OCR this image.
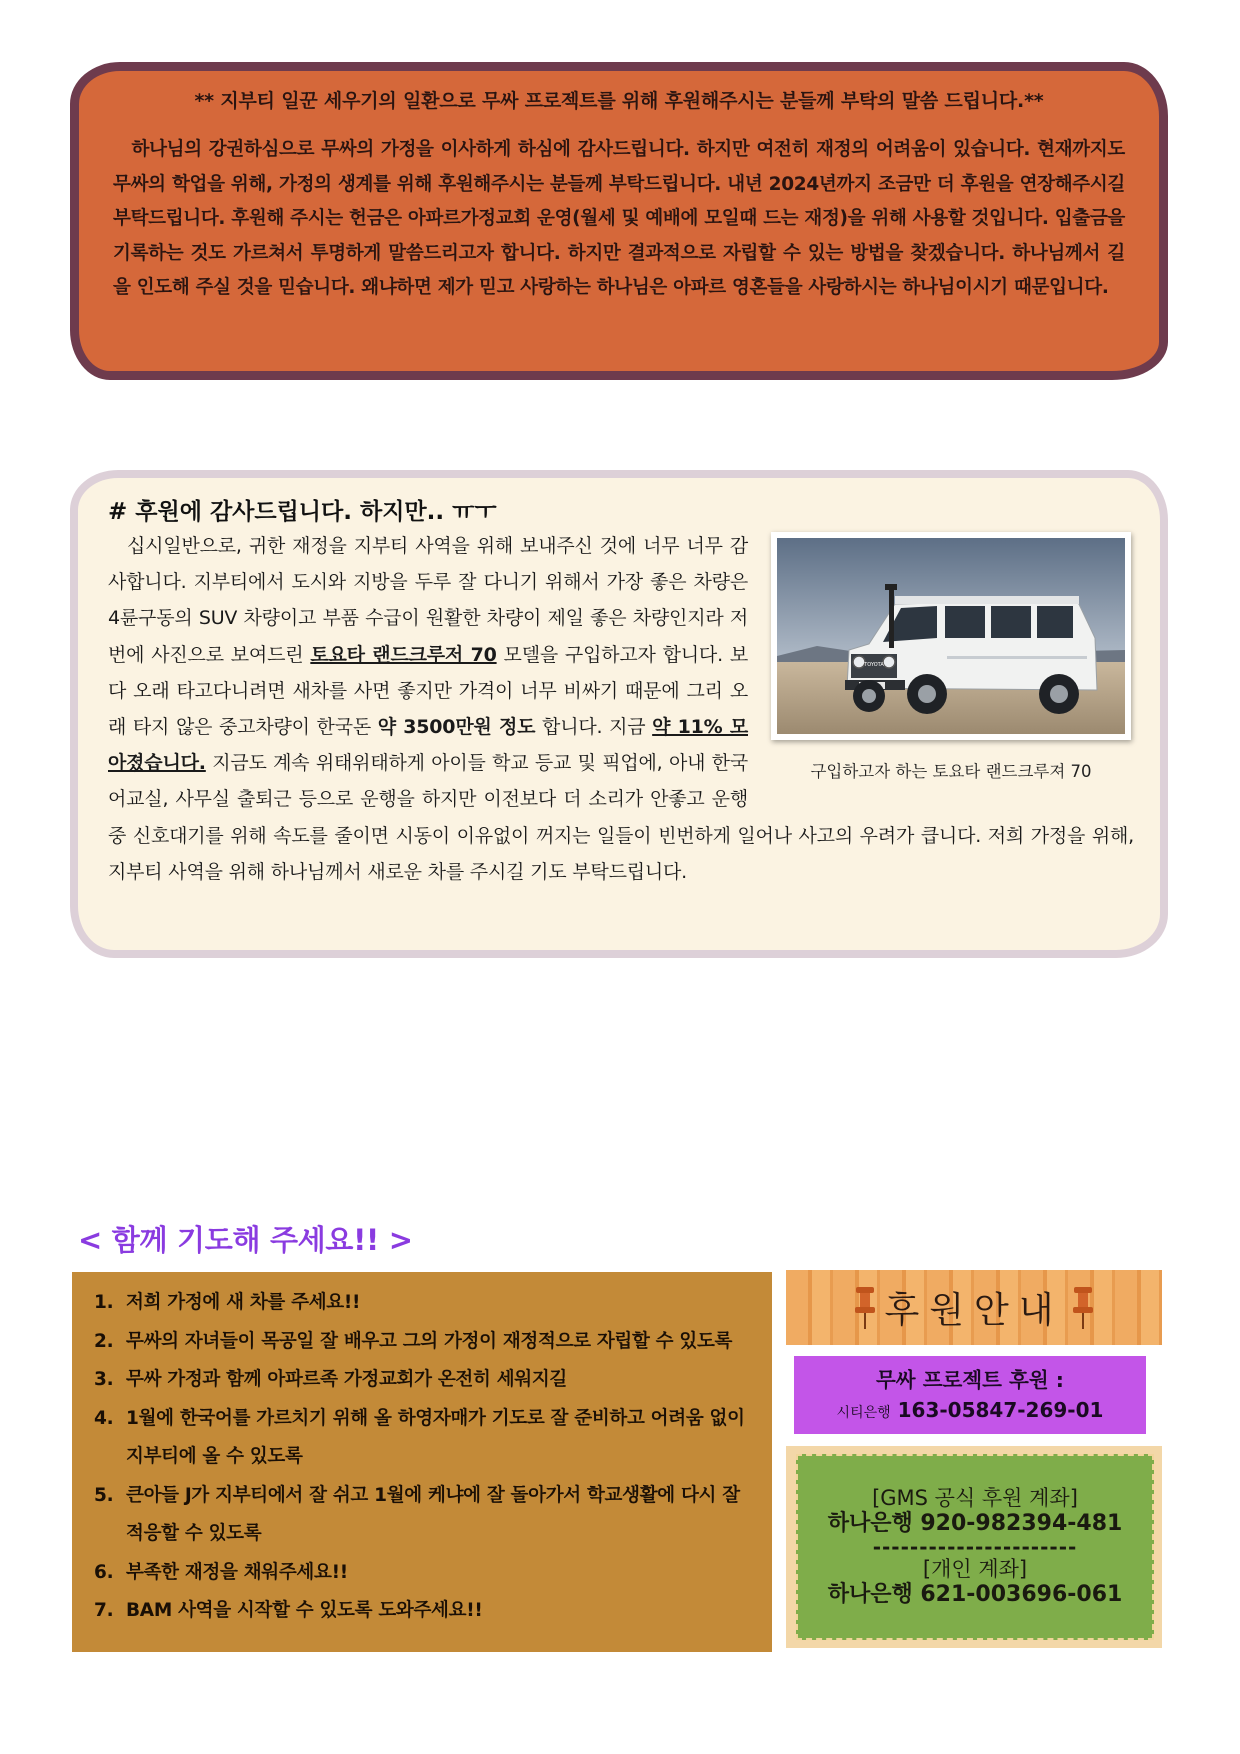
** 지부티 일꾼 세우기의 일환으로 무싸 프로젝트를 위해 후원해주시는 분들께 부탁의 말씀 드립니다.**

하나님의 강권하심으로 무싸의 가정을 이사하게 하심에 감사드립니다. 하지만 여전히 재정의 어려움이 있습니다. 현재까지도 무싸의 학업을 위해, 가정의 생계를 위해 후원해주시는 분들께 부탁드립니다. 내년 2024년까지 조금만 더 후원을 연장해주시길 부탁드립니다. 후원해 주시는 헌금은 아파르가정교회 운영(월세 및 예배에 모일때 드는 재정)을 위해 사용할 것입니다. 입출금을 기록하는 것도 가르쳐서 투명하게 말씀드리고자 합니다. 하지만 결과적으로 자립할 수 있는 방법을 찾겠습니다. 하나님께서 길을 인도해 주실 것을 믿습니다. 왜냐하면 제가 믿고 사랑하는 하나님은 아파르 영혼들을 사랑하시는 하나님이시기 때문입니다.

# 후원에 감사드립니다. 하지만.. ㅠㅜ
TOYOTA
구입하고자 하는 토요타 랜드크루져 70

십시일반으로, 귀한 재정을 지부티 사역을 위해 보내주신 것에 너무 너무 감사합니다. 지부티에서 도시와 지방을 두루 잘 다니기 위해서 가장 좋은 차량은 4륜구동의 SUV 차량이고 부품 수급이 원활한 차량이 제일 좋은 차량인지라 저번에 사진으로 보여드린 토요타 랜드크루저 70 모델을 구입하고자 합니다. 보다 오래 타고다니려면 새차를 사면 좋지만 가격이 너무 비싸기 때문에 그리 오래 타지 않은 중고차량이 한국돈 약 3500만원 정도 합니다. 지금 약 11% 모아졌습니다. 지금도 계속 위태위태하게 아이들 학교 등교 및 픽업에, 아내 한국어교실, 사무실 출퇴근 등으로 운행을 하지만 이전보다 더 소리가 안좋고 운행중 신호대기를 위해 속도를 줄이면 시동이 이유없이 꺼지는 일들이 빈번하게 일어나 사고의 우려가 큽니다. 저희 가정을 위해, 지부티 사역을 위해 하나님께서 새로운 차를 주시길 기도 부탁드립니다.

< 함께 기도해 주세요!! >
1. 저희 가정에 새 차를 주세요!!
2. 무싸의 자녀들이 목공일 잘 배우고 그의 가정이 재정적으로 자립할 수 있도록
3. 무싸 가정과 함께 아파르족 가정교회가 온전히 세워지길
4. 1월에 한국어를 가르치기 위해 올 하영자매가 기도로 잘 준비하고 어려움 없이 지부티에 올 수 있도록
5. 큰아들 J가 지부티에서 잘 쉬고 1월에 케냐에 잘 돌아가서 학교생활에 다시 잘 적응할 수 있도록
6. 부족한 재정을 채워주세요!!
7. BAM 사역을 시작할 수 있도록 도와주세요!!
후원안내
무싸 프로젝트 후원 :
시티은행 163-05847-269-01
[GMS 공식 후원 계좌]
하나은행 920-982394-481
----------------------
[개인 계좌]
하나은행 621-003696-061
